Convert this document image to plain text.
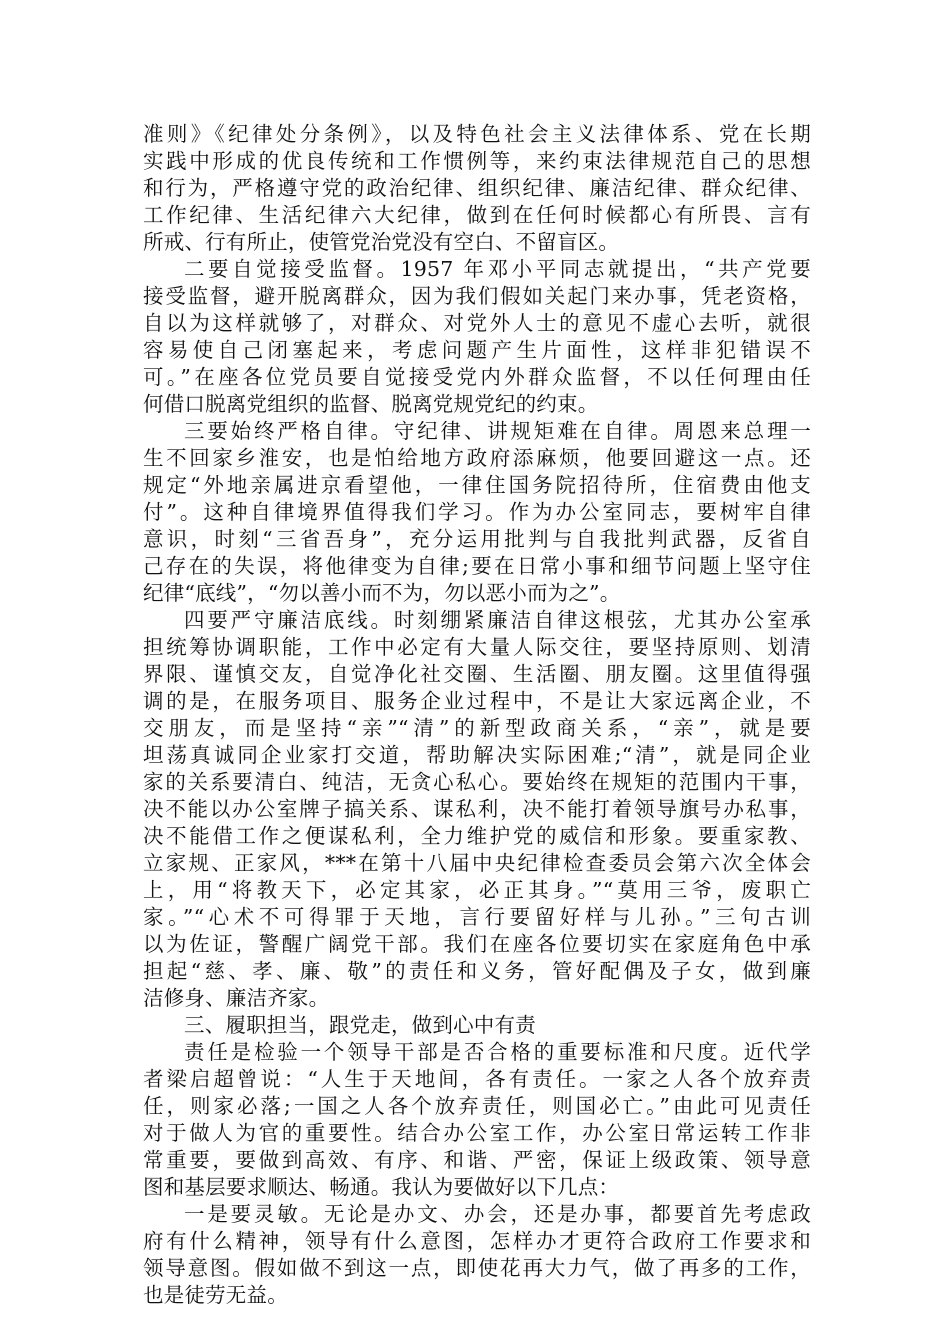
准则》《纪律处分条例》，以及特色社会主义法律体系、党在长期
实践中形成的优良传统和工作惯例等，来约束法律规范自己的思想
和行为，严格遵守党的政治纪律、组织纪律、廉洁纪律、群众纪律、
工作纪律、生活纪律六大纪律，做到在任何时候都心有所畏、言有
所戒、行有所止，使管党治党没有空白、不留盲区。
二要自觉接受监督。1957 年邓小平同志就提出，“共产党要
接受监督，避开脱离群众，因为我们假如关起门来办事，凭老资格，
自以为这样就够了，对群众、对党外人士的意见不虚心去听，就很
容易使自己闭塞起来，考虑问题产生片面性，这样非犯错误不
可。”在座各位党员要自觉接受党内外群众监督，不以任何理由任
何借口脱离党组织的监督、脱离党规党纪的约束。
三要始终严格自律。守纪律、讲规矩难在自律。周恩来总理一
生不回家乡淮安，也是怕给地方政府添麻烦，他要回避这一点。还
规定“外地亲属进京看望他，一律住国务院招待所，住宿费由他支
付”。这种自律境界值得我们学习。作为办公室同志，要树牢自律
意识，时刻“三省吾身”，充分运用批判与自我批判武器，反省自
己存在的失误，将他律变为自律;要在日常小事和细节问题上坚守住
纪律“底线”，“勿以善小而不为，勿以恶小而为之”。
四要严守廉洁底线。时刻绷紧廉洁自律这根弦，尤其办公室承
担统筹协调职能，工作中必定有大量人际交往，要坚持原则、划清
界限、谨慎交友，自觉净化社交圈、生活圈、朋友圈。这里值得强
调的是，在服务项目、服务企业过程中，不是让大家远离企业，不
交朋友，而是坚持“亲”“清”的新型政商关系，“亲”，就是要
坦荡真诚同企业家打交道，帮助解决实际困难;“清”，就是同企业
家的关系要清白、纯洁，无贪心私心。要始终在规矩的范围内干事，
决不能以办公室牌子搞关系、谋私利，决不能打着领导旗号办私事，
决不能借工作之便谋私利，全力维护党的威信和形象。要重家教、
立家规、正家风，***在第十八届中央纪律检查委员会第六次全体会
上，用“将教天下，必定其家，必正其身。”“莫用三爷，废职亡
家。”“心术不可得罪于天地，言行要留好样与儿孙。”三句古训
以为佐证，警醒广阔党干部。我们在座各位要切实在家庭角色中承
担起“慈、孝、廉、敬”的责任和义务，管好配偶及子女，做到廉
洁修身、廉洁齐家。
三、履职担当，跟党走，做到心中有责
责任是检验一个领导干部是否合格的重要标准和尺度。近代学
者梁启超曾说：“人生于天地间，各有责任。一家之人各个放弃责
任，则家必落;一国之人各个放弃责任，则国必亡。”由此可见责任
对于做人为官的重要性。结合办公室工作，办公室日常运转工作非
常重要，要做到高效、有序、和谐、严密，保证上级政策、领导意
图和基层要求顺达、畅通。我认为要做好以下几点：
一是要灵敏。无论是办文、办会，还是办事，都要首先考虑政
府有什么精神，领导有什么意图，怎样办才更符合政府工作要求和
领导意图。假如做不到这一点，即使花再大力气，做了再多的工作，
也是徒劳无益。
